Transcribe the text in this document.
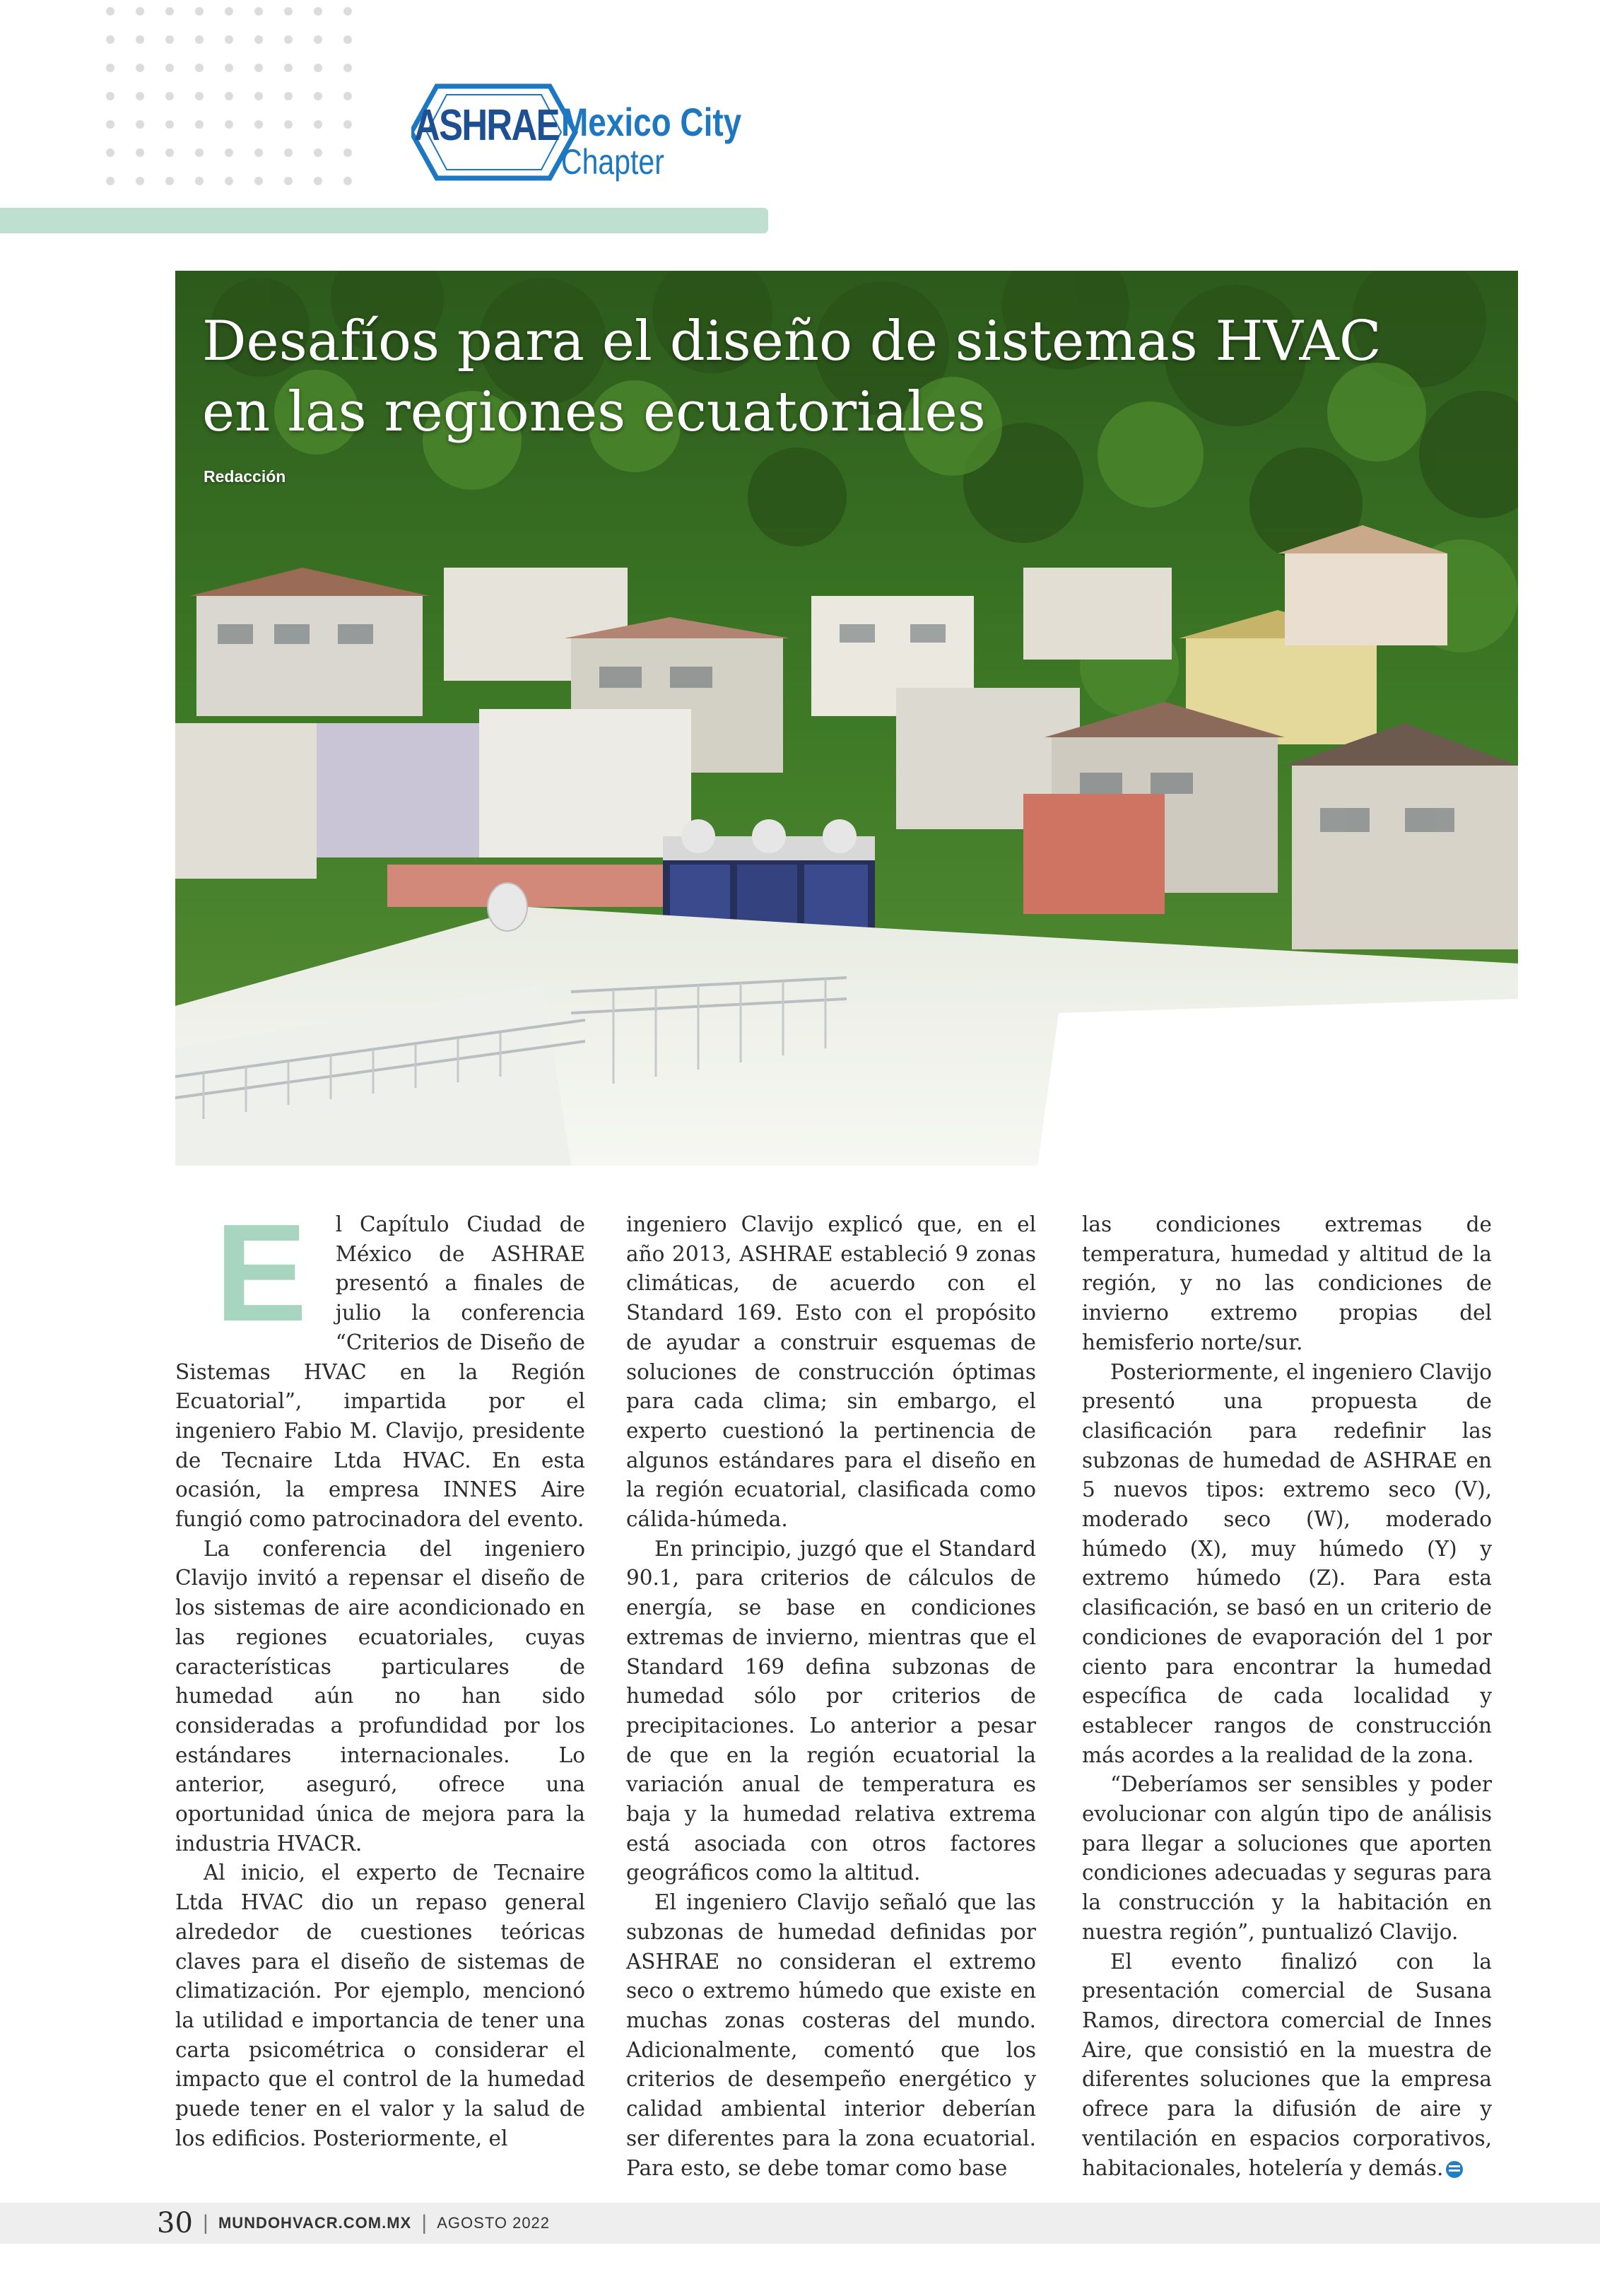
ASHRAE Mexico City
Chapter
Desafíos para el diseño de sistemas HVAC
en las regiones ecuatoriales
Redacción
E	l Capítulo Ciudad de México de ASHRAE presentó a finales de julio la conferencia “Criterios de Diseño de Sistemas HVAC en la Región Ecuatorial”, impartida por el ingeniero Fabio M. Clavijo, presidente de Tecnaire Ltda HVAC. En esta ocasión, la empresa INNES Aire fungió como patrocinadora del evento.

La conferencia del ingeniero Clavijo invitó a repensar el diseño de los sistemas de aire acondicionado en las regiones ecuatoriales, cuyas características particulares de humedad aún no han sido consideradas a profundidad por los estándares internacionales. Lo anterior, aseguró, ofrece una oportunidad única de mejora para la industria HVACR.

Al inicio, el experto de Tecnaire Ltda HVAC dio un repaso general alrededor de cuestiones teóricas claves para el diseño de sistemas de climatización. Por ejemplo, mencionó la utilidad e importancia de tener una carta psicométrica o considerar el impacto que el control de la humedad puede tener en el valor y la salud de los edificios. Posteriormente, el

ingeniero Clavijo explicó que, en el año 2013, ASHRAE estableció 9 zonas climáticas, de acuerdo con el Standard 169. Esto con el propósito de ayudar a construir esquemas de soluciones de construcción óptimas para cada clima; sin embargo, el experto cuestionó la pertinencia de algunos estándares para el diseño en la región ecuatorial, clasificada como cálida-húmeda.

En principio, juzgó que el Standard 90.1, para criterios de cálculos de energía, se base en condiciones extremas de invierno, mientras que el Standard 169 defina subzonas de humedad sólo por criterios de precipitaciones. Lo anterior a pesar de que en la región ecuatorial la variación anual de temperatura es baja y la humedad relativa extrema está asociada con otros factores geográficos como la altitud.

El ingeniero Clavijo señaló que las subzonas de humedad definidas por ASHRAE no consideran el extremo seco o extremo húmedo que existe en muchas zonas costeras del mundo. Adicionalmente, comentó que los criterios de desempeño energético y calidad ambiental interior deberían ser diferentes para la zona ecuatorial. Para esto, se debe tomar como base

las condiciones extremas de temperatura, humedad y altitud de la región, y no las condiciones de invierno extremo propias del hemisferio norte/sur.

Posteriormente, el ingeniero Clavijo presentó una propuesta de clasificación para redefinir las subzonas de humedad de ASHRAE en 5 nuevos tipos: extremo seco (V), moderado seco (W), moderado húmedo (X), muy húmedo (Y) y extremo húmedo (Z). Para esta clasificación, se basó en un criterio de condiciones de evaporación del 1 por ciento para encontrar la humedad específica de cada localidad y establecer rangos de construcción más acordes a la realidad de la zona.

“Deberíamos ser sensibles y poder evolucionar con algún tipo de análisis para llegar a soluciones que aporten condiciones adecuadas y seguras para la construcción y la habitación en nuestra región”, puntualizó Clavijo.

El evento finalizó con la presentación comercial de Susana Ramos, directora comercial de Innes Aire, que consistió en la muestra de diferentes soluciones que la empresa ofrece para la difusión de aire y ventilación en espacios corporativos, habitacionales, hotelería y demás.

30 | MUNDOHVACR.COM.MX | AGOSTO 2022
